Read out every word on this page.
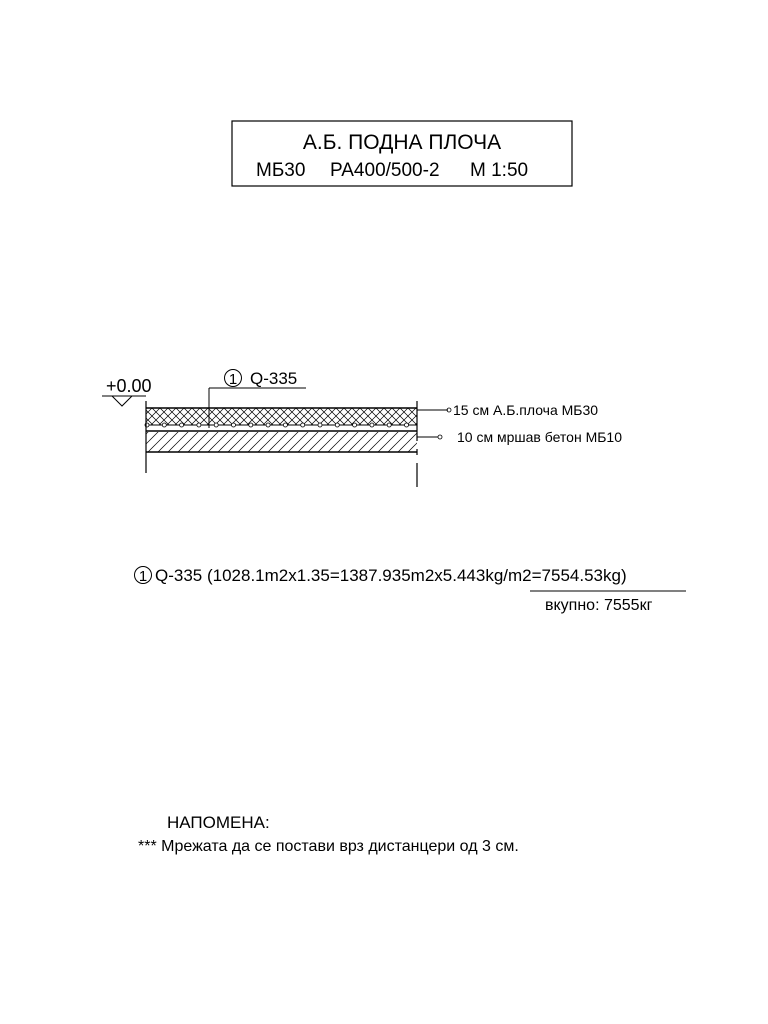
А.Б. ПОДНА ПЛОЧА
МБ30 PA400/500-2 M 1:50
+0.00	1 Q-335
15 см А.Б.плоча МБ30
10 см мршав бетон МБ10
1 Q-335 (1028.1m2x1.35=1387.935m2x5.443kg/m2=7554.53kg)
вкупно: 7555кг
НАПОМЕНА:
*** Мрежата да се постави врз дистанцери од 3 см.
